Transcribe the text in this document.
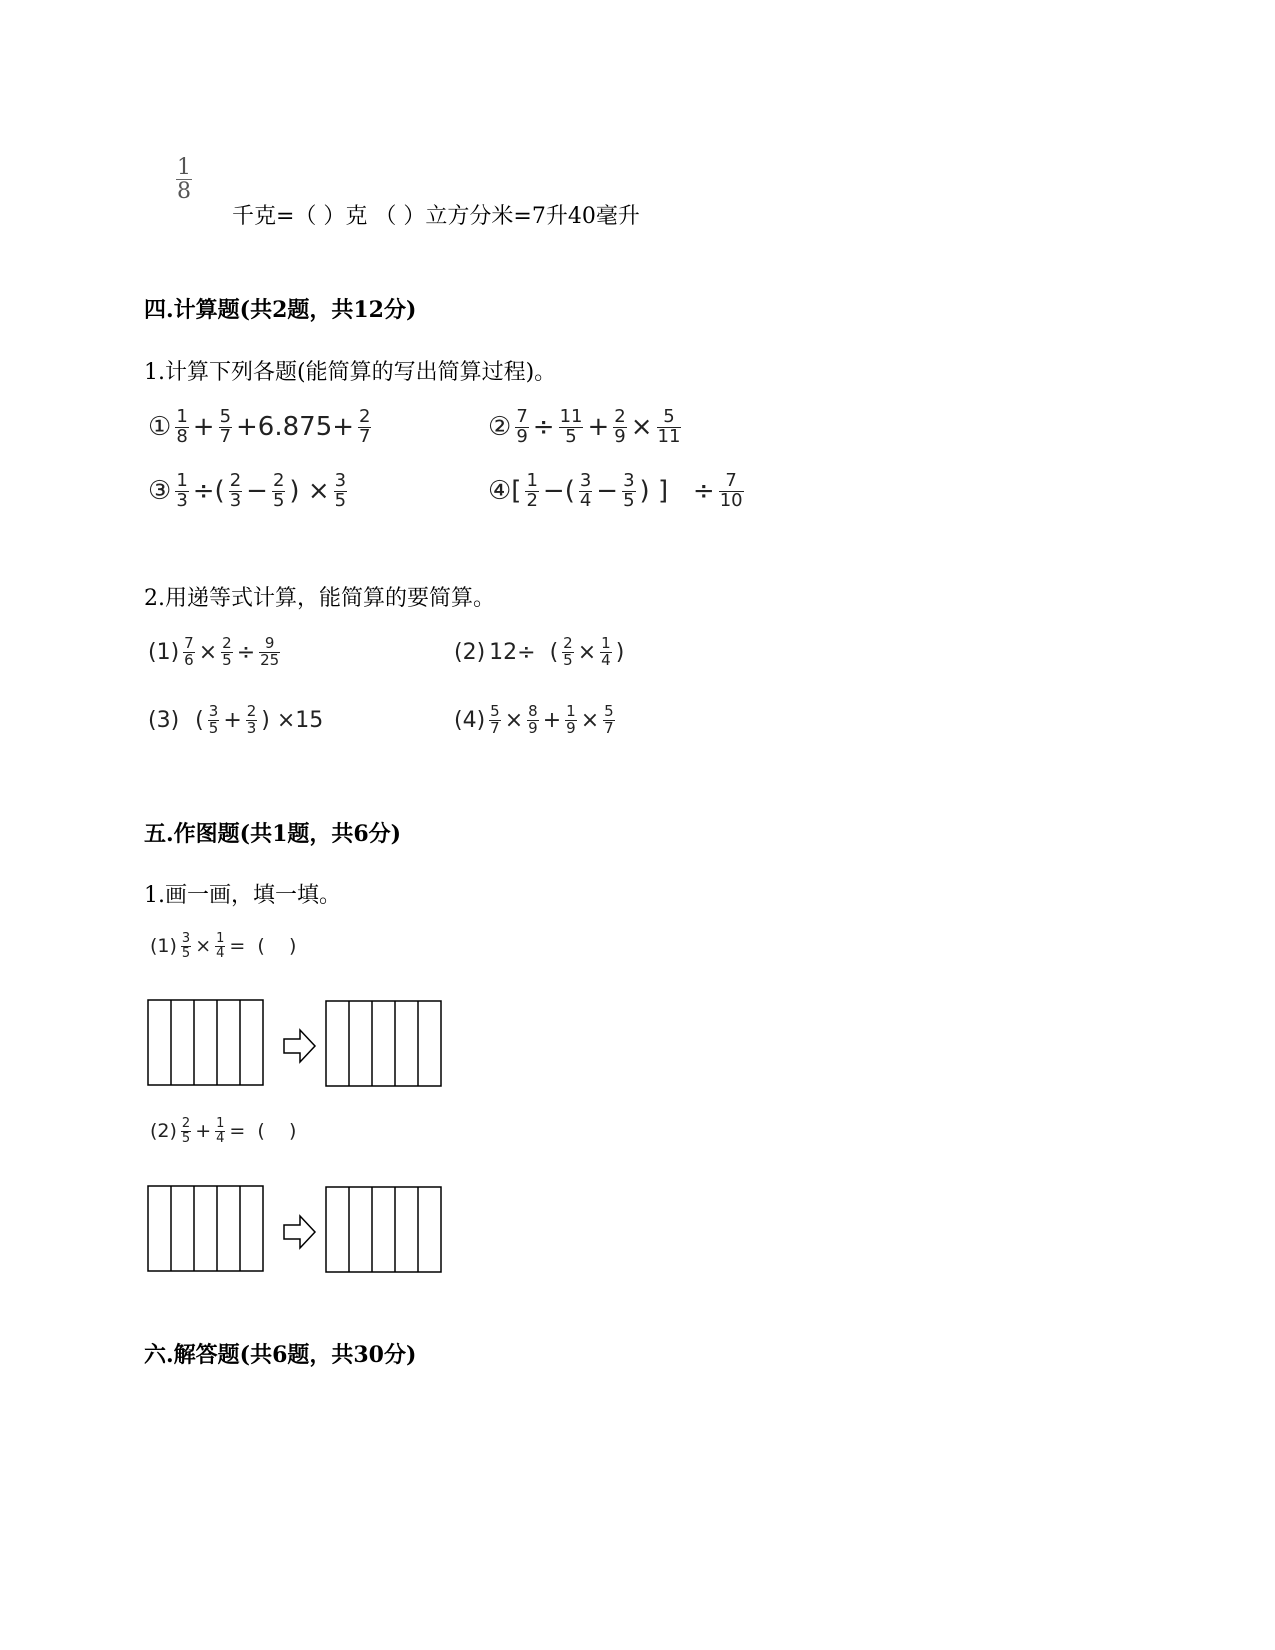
$\frac{1}{8}$
千克=（ ）克 （ ）立方分米=7升40毫升
四.计算题(共2题，共12分)
1.计算下列各题(能简算的写出简算过程)。
① $\frac{1}{8} + \frac{5}{7} +6.875+ \frac{2}{7}$	② $\frac{7}{9} \div \frac{11}{5} + \frac{2}{9} \times \frac{5}{11}$
③ $\frac{1}{3}$ ÷( $\frac{2}{3} - \frac{2}{5}$ ) × $\frac{3}{5}$	④[ $\frac{1}{2}$ −( $\frac{3}{4} - \frac{3}{5}$ ) ]   ÷ $\frac{7}{10}$
2.用递等式计算，能简算的要简算。
$(1) \frac{7}{6} \times \frac{2}{5} \div \frac{9}{25}$	(2) 12÷  ( $\frac{2}{5} \times \frac{1}{4}$ )
(3) ( $\frac{3}{5} + \frac{2}{3}$ ) ×15	$(4) \frac{5}{7} \times \frac{8}{9} + \frac{1}{9} \times \frac{5}{7}$
五.作图题(共1题，共6分)
1.画一画，填一填。
$(1) \frac{3}{5} \times \frac{1}{4}$ =  (    )
$(2) \frac{2}{5} + \frac{1}{4}$ =  (    )
六.解答题(共6题，共30分)
